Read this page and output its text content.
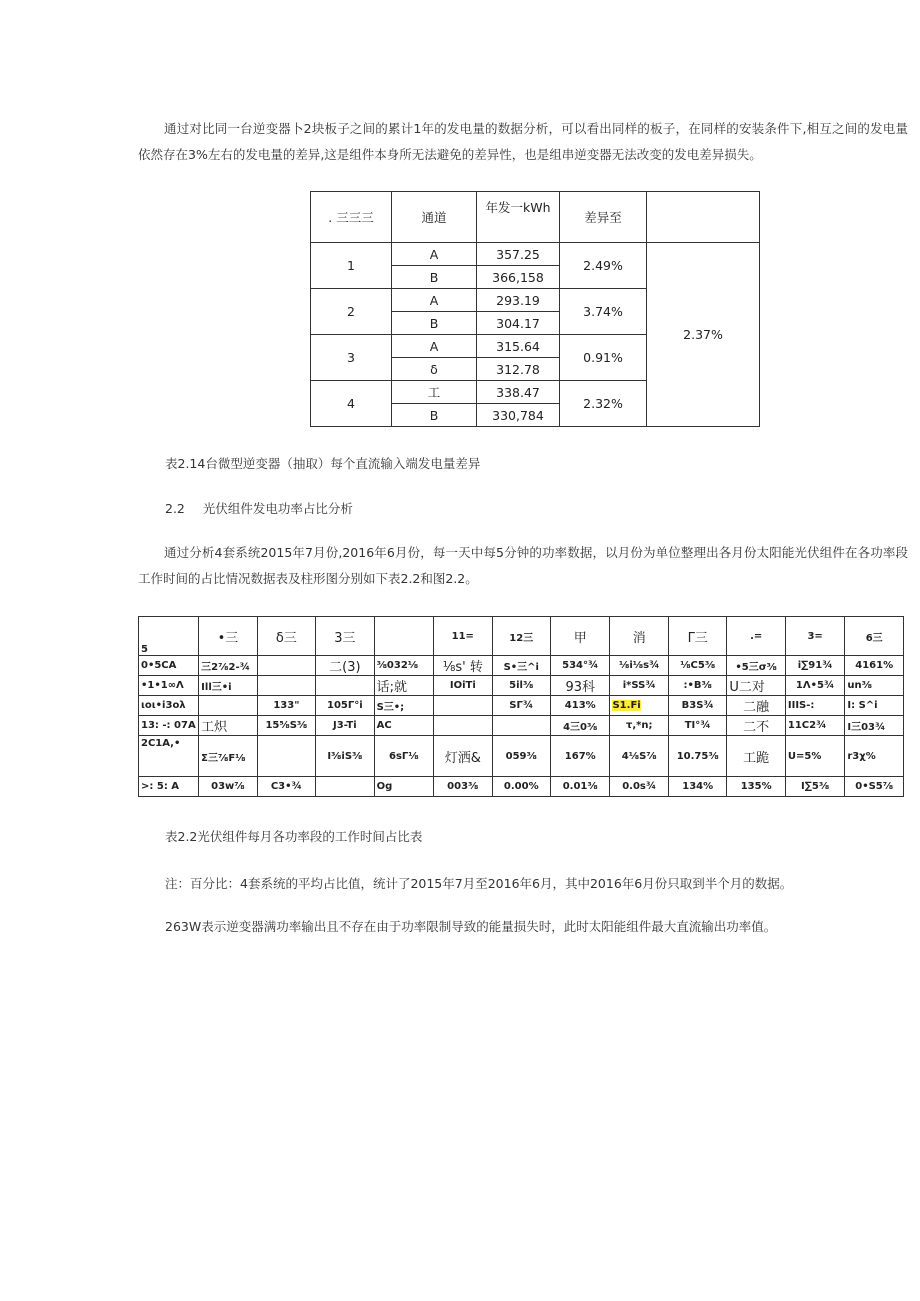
通过对比同一台逆变器卜2块板子之间的累计1年的发电量的数据分析，可以看出同样的板子，在同样的安装条件下,相互之间的发电量依然存在3%左右的发电量的差异,这是组件本身所无法避免的差异性，也是组串逆变器无法改变的发电差异损失。
. 三三三	通道	年发一kWh	差异至	
1	A	357.25	2.49%	2.37%
	B	366,158		
2	A	293.19	3.74%	
	B	304.17		
3	A	315.64	0.91%	
	δ	312.78		
4	工	338.47	2.32%	
	B	330,784		
表2.14台微型逆变器（抽取）每个直流输入端发电量差异
2.2 光伏组件发电功率占比分析
通过分析4套系统2015年7月份,2016年6月份，每一天中每5分钟的功率数据，以月份为单位整理出各月份太阳能光伏组件在各功率段工作时间的占比情况数据表及柱形图分别如下表2.2和图2.2。
5	•三	δ三	3三		11=	12三	甲	消	Γ三	.=	3=	6三
0•5CA	三2⅞2-¾		二(3)	⅜032⅛	⅛s' 转	S•三^i	534°¾	⅛i⅛s¾	⅛C5⅜	•5三σ⅜	i∑91¾	4161%
•1•1∞Λ	Ill三•i			话;就	IOiTi	5il⅜	93科	i*SS¾	:•B⅜	U二对	1Λ•5¾	un⅜
ιoι•i3oλ		133"	105Γ°i	S三•;		SΓ¾	413%	S1.Fi	B3S¾	二融	IIIS-:	I: S^i
13: -: 07A	工炽	15⅝S⅜	J3-Ti	AC			4三0⅜	τ,*n;	TI°¾	二不	11C2¾	I三03¾
2C1A,•	Σ三⅞F⅛		I⅜iS⅜	6sΓ⅛	灯洒&	059⅜	167%	4⅛S⅞	10.75⅜	工跪	U=5%	r3χ%
>: 5: A	03w⅞	C3•¾		Og	003⅜	0.00%	0.01⅜	0.0s¾	134%	135%	I∑5⅜	0•S5⅞
表2.2光伏组件每月各功率段的工作时间占比表
注：百分比：4套系统的平均占比值，统计了2015年7月至2016年6月，其中2016年6月份只取到半个月的数据。
263W表示逆变器满功率输出且不存在由于功率限制导致的能量损失时，此时太阳能组件最大直流输出功率值。
